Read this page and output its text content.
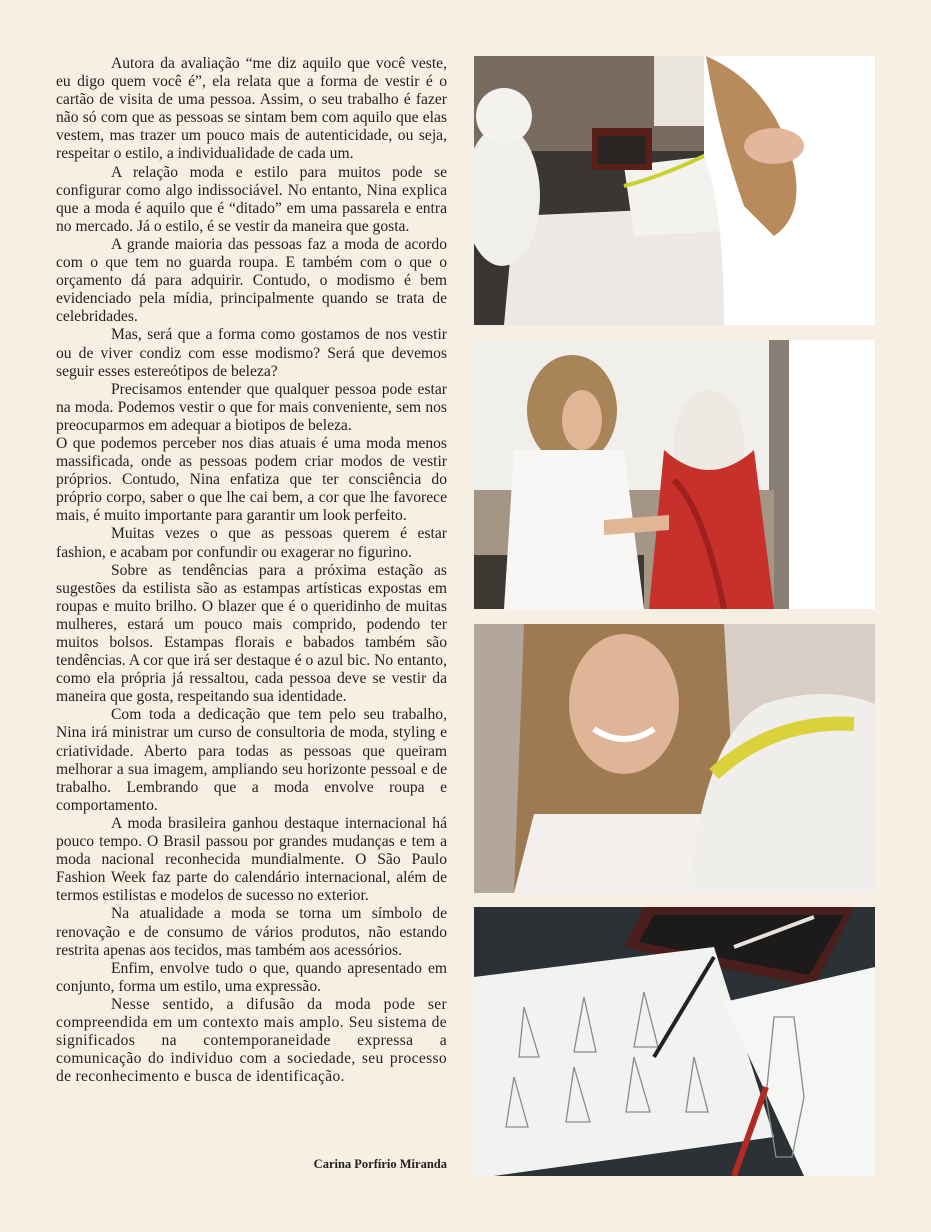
Autora da avaliação “me diz aquilo que você veste, eu digo quem você é”, ela relata que a forma de vestir é o cartão de visita de uma pessoa. Assim, o seu trabalho é fazer não só com que as pessoas se sintam bem com aquilo que elas vestem, mas trazer um pouco mais de autenticidade, ou seja, respeitar o estilo, a individualidade de cada um.

A relação moda e estilo para muitos pode se configurar como algo indissociável. No entanto, Nina explica que a moda é aquilo que é “ditado” em uma passarela e entra no mercado. Já o estilo, é se vestir da maneira que gosta.

A grande maioria das pessoas faz a moda de acordo com o que tem no guarda roupa. E também com o que o orçamento dá para adquirir. Contudo, o modismo é bem evidenciado pela mídia, principalmente quando se trata de celebridades.

Mas, será que a forma como gostamos de nos vestir ou de viver condiz com esse modismo? Será que devemos seguir esses estereótipos de beleza?

Precisamos entender que qualquer pessoa pode estar na moda. Podemos vestir o que for mais conveniente, sem nos preocuparmos em adequar a biotipos de beleza.

O que podemos perceber nos dias atuais é uma moda menos massificada, onde as pessoas podem criar modos de vestir próprios. Contudo, Nina enfatiza que ter consciência do próprio corpo, saber o que lhe cai bem, a cor que lhe favorece mais, é muito importante para garantir um look perfeito.

Muitas vezes o que as pessoas querem é estar fashion, e acabam por confundir ou exagerar no figurino.

Sobre as tendências para a próxima estação as sugestões da estilista são as estampas artísticas expostas em roupas e muito brilho. O blazer que é o queridinho de muitas mulheres, estará um pouco mais comprido, podendo ter muitos bolsos. Estampas florais e babados também são tendências. A cor que irá ser destaque é o azul bic. No entanto, como ela própria já ressaltou, cada pessoa deve se vestir da maneira que gosta, respeitando sua identidade.

Com toda a dedicação que tem pelo seu trabalho, Nina irá ministrar um curso de consultoria de moda, styling e criatividade. Aberto para todas as pessoas que queiram melhorar a sua imagem, ampliando seu horizonte pessoal e de trabalho. Lembrando que a moda envolve roupa e comportamento.

A moda brasileira ganhou destaque internacional há pouco tempo. O Brasil passou por grandes mudanças e tem a moda nacional reconhecida mundialmente. O São Paulo Fashion Week faz parte do calendário internacional, além de termos estilistas e modelos de sucesso no exterior.

Na atualidade a moda se torna um símbolo de renovação e de consumo de vários produtos, não estando restrita apenas aos tecidos, mas também aos acessórios.

Enfim, envolve tudo o que, quando apresentado em conjunto, forma um estilo, uma expressão.

Nesse sentido, a difusão da moda pode ser compreendida em um contexto mais amplo. Seu sistema de significados na contemporaneidade expressa a comunicação do individuo com a sociedade, seu processo de reconhecimento e busca de identificação.

Carina Porfírio Miranda
